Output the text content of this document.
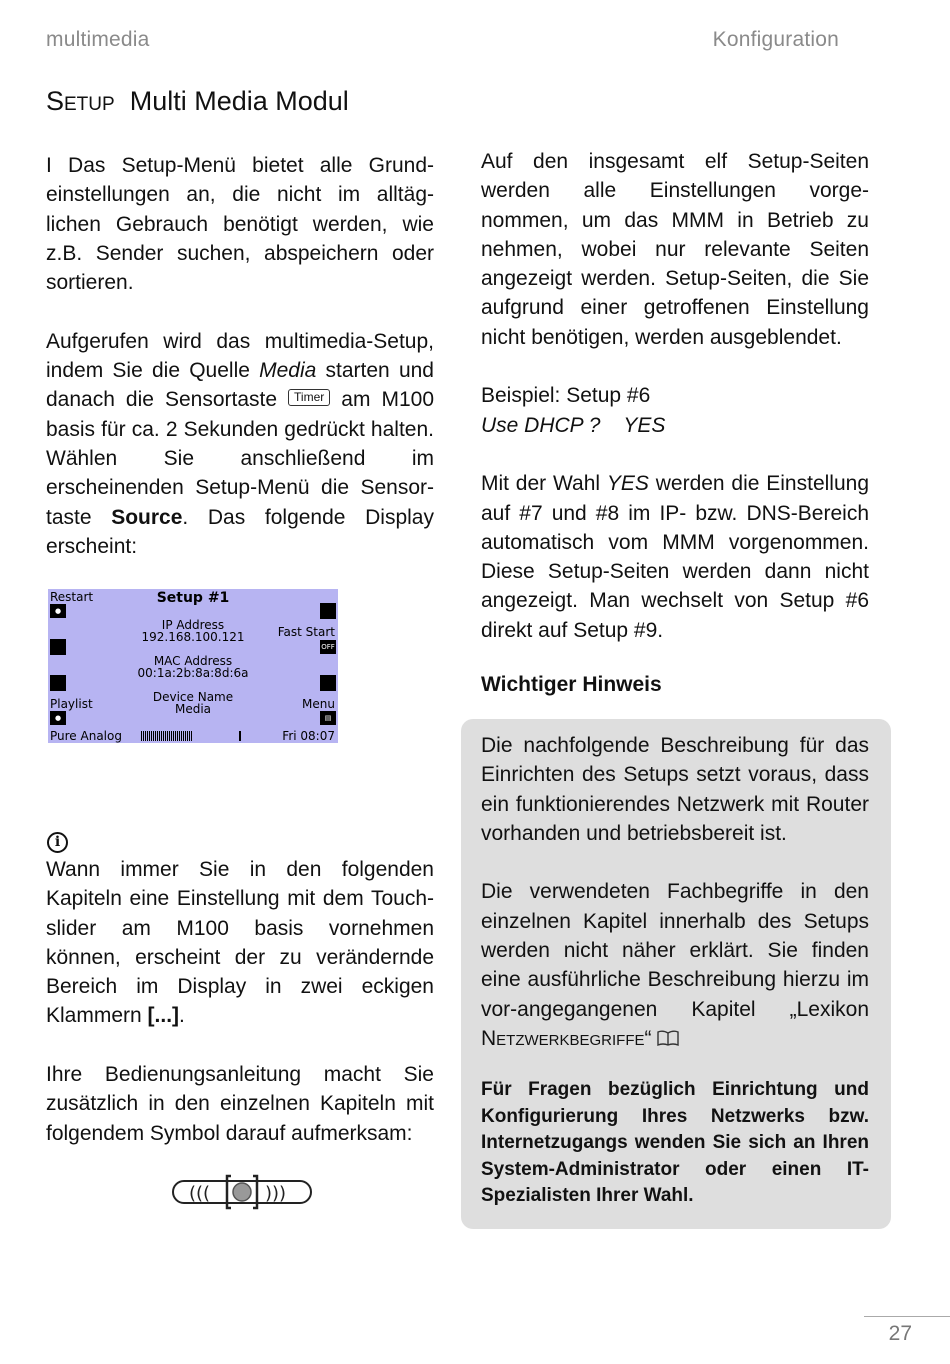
multimedia	Konfiguration
Setup Multi Media Modul

I Das Setup-Menü bietet alle Grund-einstellungen an, die nicht im alltäg-lichen Gebrauch benötigt werden, wie z.B. Sender suchen, abspeichern oder sortieren.

Aufgerufen wird das multimedia-Setup, indem Sie die Quelle Media starten und danach die Sensortaste Timer am M100 basis für ca. 2 Sekunden gedrückt halten. Wählen Sie anschließend im erscheinenden Setup-Menü die Sensor-taste Source. Das folgende Display erscheint:

Restart
●
Setup #1
IP Address
192.168.100.121	Fast Start
OFF
MAC Address
00:1a:2b:8a:8d:6a
Device Name
Media
Playlist
●
Menu
▤
Pure Analog	Fri 08:07
i

Wann immer Sie in den folgenden Kapiteln eine Einstellung mit dem Touch-slider am M100 basis vornehmen können, erscheint der zu verändernde Bereich im Display in zwei eckigen Klammern [...].

Ihre Bedienungsanleitung macht Sie zusätzlich in den einzelnen Kapiteln mit folgendem Symbol darauf aufmerksam:

(((	)))

Auf den insgesamt elf Setup-Seiten werden alle Einstellungen vorge-nommen, um das MMM in Betrieb zu nehmen, wobei nur relevante Seiten angezeigt werden. Setup-Seiten, die Sie aufgrund einer getroffenen Einstellung nicht benötigen, werden ausgeblendet.

Beispiel: Setup #6

Use DHCP ?    YES

Mit der Wahl YES werden die Einstellung auf #7 und #8 im IP- bzw. DNS-Bereich automatisch vom MMM vorgenommen. Diese Setup-Seiten werden dann nicht angezeigt. Man wechselt von Setup #6 direkt auf Setup #9.

Wichtiger Hinweis

Die nachfolgende Beschreibung für das Einrichten des Setups setzt voraus, dass ein funktionierendes Netzwerk mit Router vorhanden und betriebsbereit ist.

Die verwendeten Fachbegriffe in den einzelnen Kapitel innerhalb des Setups werden nicht näher erklärt. Sie finden eine ausführliche Beschreibung hierzu im vor-angegangenen Kapitel „Lexikon Netzwerkbegriffe“

Für Fragen bezüglich Einrichtung und Konfigurierung Ihres Netzwerks bzw. Internetzugangs wenden Sie sich an Ihren System-Administrator oder einen IT-Spezialisten Ihrer Wahl.

27
